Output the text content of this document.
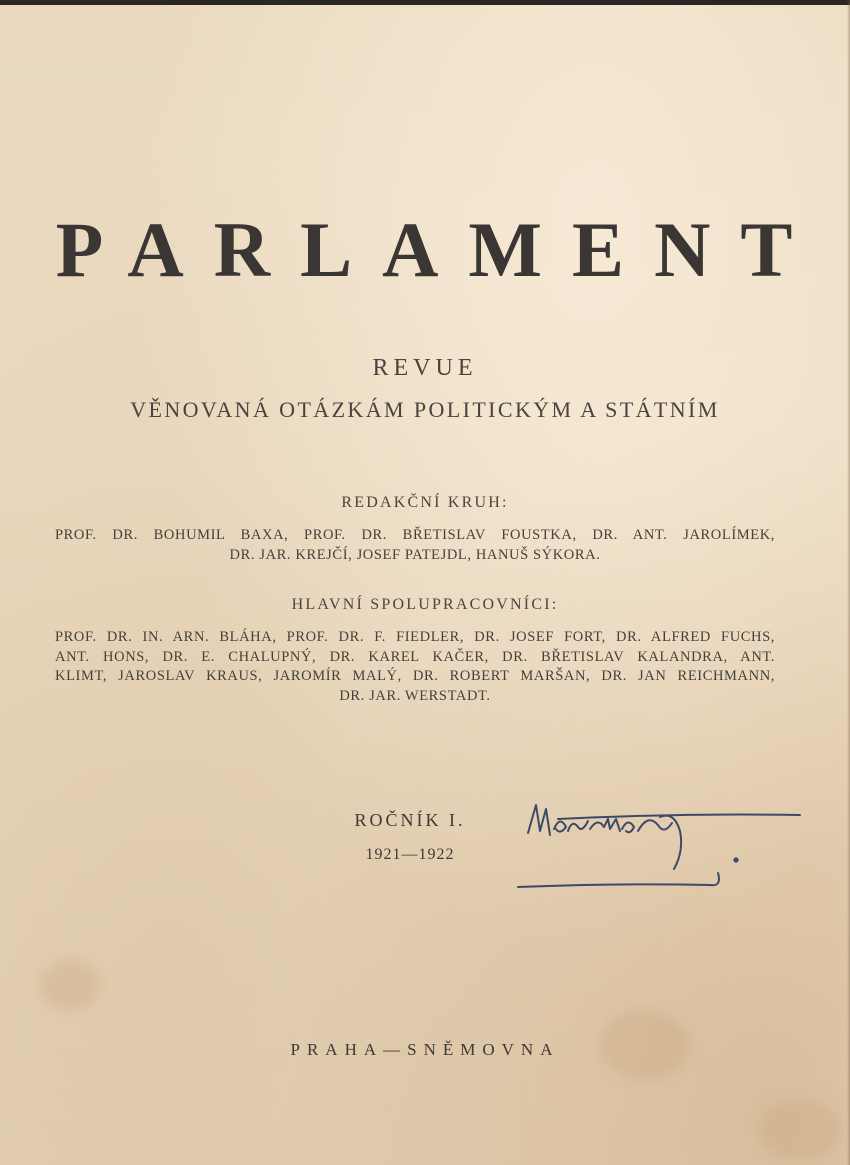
PARLAMENT
REVUE
VĚNOVANÁ OTÁZKÁM POLITICKÝM A STÁTNÍM
REDAKČNÍ KRUH:
PROF. DR. BOHUMIL BAXA, PROF. DR. BŘETISLAV FOUSTKA, DR. ANT. JAROLÍMEK,
DR. JAR. KREJČÍ, JOSEF PATEJDL, HANUŠ SÝKORA.
HLAVNÍ SPOLUPRACOVNÍCI:
PROF. DR. IN. ARN. BLÁHA, PROF. DR. F. FIEDLER, DR. JOSEF FORT, DR. ALFRED FUCHS,
ANT. HONS, DR. E. CHALUPNÝ, DR. KAREL KAČER, DR. BŘETISLAV KALANDRA, ANT.
KLIMT, JAROSLAV KRAUS, JAROMÍR MALÝ, DR. ROBERT MARŠAN, DR. JAN REICHMANN,
DR. JAR. WERSTADT.
ROČNÍK I.
1921—1922
PRAHA—SNĚMOVNA
